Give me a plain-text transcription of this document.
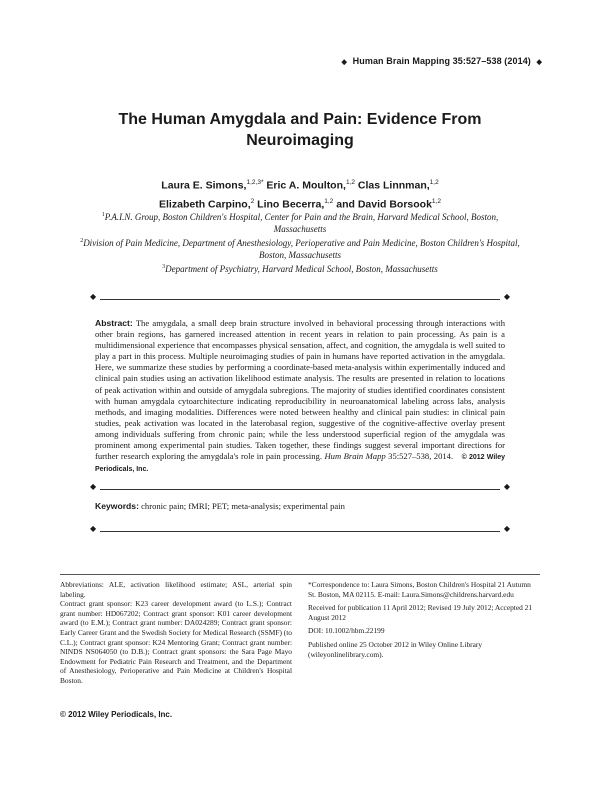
◆ Human Brain Mapping 35:527–538 (2014) ◆
The Human Amygdala and Pain: Evidence From
Neuroimaging
Laura E. Simons,$^{1,2,3*}$ Eric A. Moulton,$^{1,2}$ Clas Linnman,$^{1,2}$
Elizabeth Carpino,$^2$ Lino Becerra,$^{1,2}$ and David Borsook$^{1,2}$

$^1$P.A.I.N. Group, Boston Children's Hospital, Center for Pain and the Brain, Harvard Medical School, Boston, Massachusetts

$^2$Division of Pain Medicine, Department of Anesthesiology, Perioperative and Pain Medicine, Boston Children's Hospital, Boston, Massachusetts

$^3$Department of Psychiatry, Harvard Medical School, Boston, Massachusetts

◆	◆
Abstract: The amygdala, a small deep brain structure involved in behavioral processing through interactions with other brain regions, has garnered increased attention in recent years in relation to pain processing. As pain is a multidimensional experience that encompasses physical sensation, affect, and cognition, the amygdala is well suited to play a part in this process. Multiple neuroimaging studies of pain in humans have reported activation in the amygdala. Here, we summarize these studies by performing a coordinate-based meta-analysis within experimentally induced and clinical pain studies using an activation likelihood estimate analysis. The results are presented in relation to locations of peak activation within and outside of amygdala subregions. The majority of studies identified coordinates consistent with human amygdala cytoarchitecture indicating reproducibility in neuroanatomical labeling across labs, analysis methods, and imaging modalities. Differences were noted between healthy and clinical pain studies: in clinical pain studies, peak activation was located in the laterobasal region, suggestive of the cognitive-affective overlay present among individuals suffering from chronic pain; while the less understood superficial region of the amygdala was prominent among experimental pain studies. Taken together, these findings suggest several important directions for further research exploring the amygdala's role in pain processing. Hum Brain Mapp 35:527–538, 2014. © 2012 Wiley Periodicals, Inc.
◆	◆
Keywords: chronic pain; fMRI; PET; meta-analysis; experimental pain
◆	◆

Abbreviations: ALE, activation likelihood estimate; ASL, arterial spin labeling.

Contract grant sponsor: K23 career development award (to L.S.); Contract grant number: HD067202; Contract grant sponsor: K01 career development award (to E.M.); Contract grant number: DA024289; Contract grant sponsor: Early Career Grant and the Swedish Society for Medical Research (SSMF) (to C.L.); Contract grant sponsor: K24 Mentoring Grant; Contract grant number: NINDS NS064050 (to D.B.); Contract grant sponsors: the Sara Page Mayo Endowment for Pediatric Pain Research and Treatment, and the Department of Anesthesiology, Perioperative and Pain Medicine at Children's Hospital Boston.

*Correspondence to: Laura Simons, Boston Children's Hospital 21 Autumn St. Boston, MA 02115. E-mail: Laura.Simons@childrens.harvard.edu

Received for publication 11 April 2012; Revised 19 July 2012; Accepted 21 August 2012

DOI: 10.1002/hbm.22199

Published online 25 October 2012 in Wiley Online Library (wileyonlinelibrary.com).

© 2012 Wiley Periodicals, Inc.
